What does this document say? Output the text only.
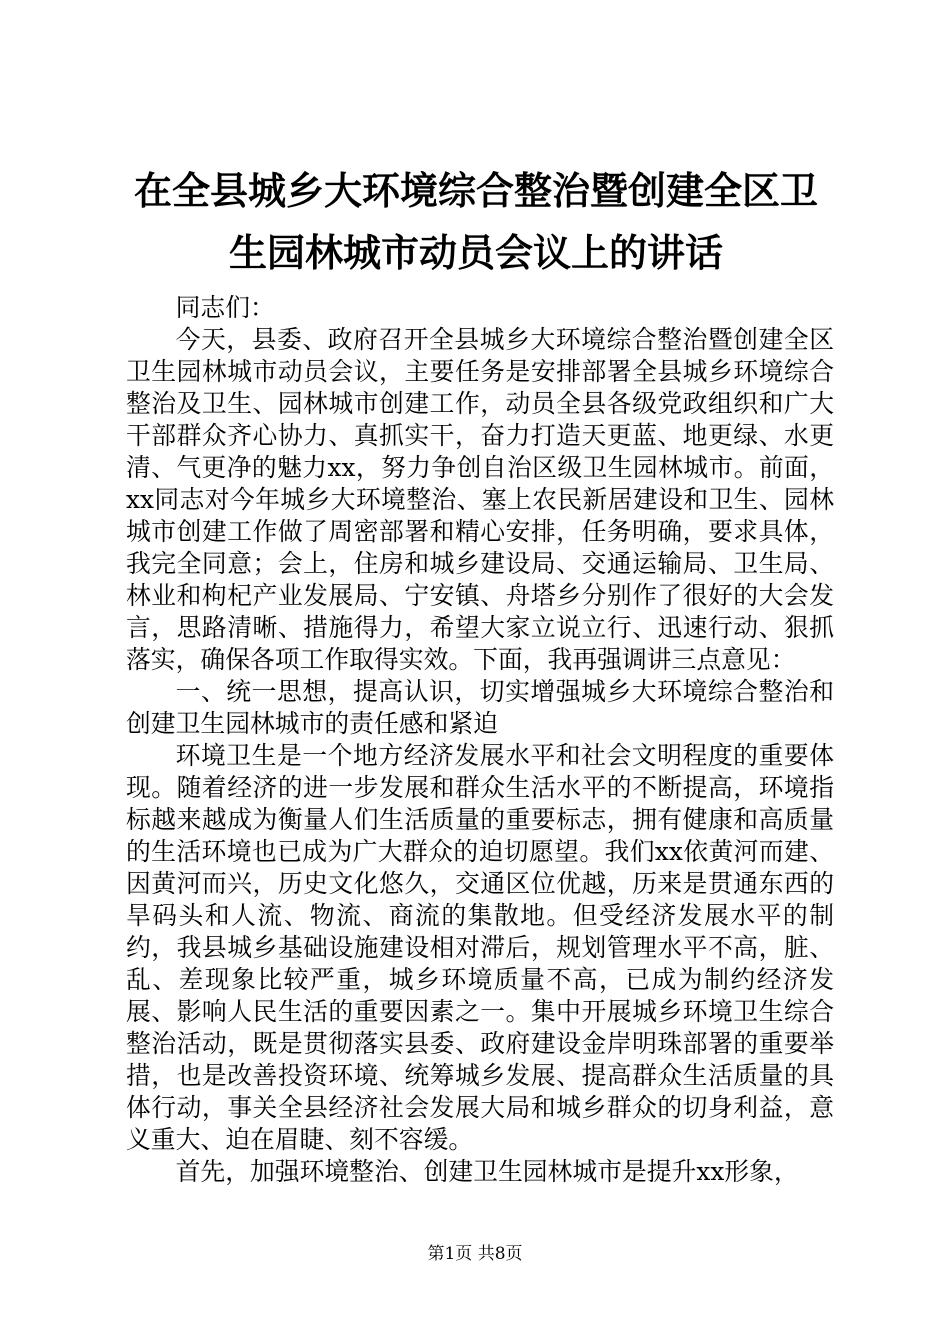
在全县城乡大环境综合整治暨创建全区卫生园林城市动员会议上的讲话

同志们：

今天，县委、政府召开全县城乡大环境综合整治暨创建全区卫生园林城市动员会议，主要任务是安排部署全县城乡环境综合整治及卫生、园林城市创建工作，动员全县各级党政组织和广大干部群众齐心协力、真抓实干，奋力打造天更蓝、地更绿、水更清、气更净的魅力xx，努力争创自治区级卫生园林城市。前面，xx同志对今年城乡大环境整治、塞上农民新居建设和卫生、园林城市创建工作做了周密部署和精心安排，任务明确，要求具体，我完全同意；会上，住房和城乡建设局、交通运输局、卫生局、林业和枸杞产业发展局、宁安镇、舟塔乡分别作了很好的大会发言，思路清晰、措施得力，希望大家立说立行、迅速行动、狠抓落实，确保各项工作取得实效。下面，我再强调讲三点意见：

一、统一思想，提高认识，切实增强城乡大环境综合整治和创建卫生园林城市的责任感和紧迫

环境卫生是一个地方经济发展水平和社会文明程度的重要体现。随着经济的进一步发展和群众生活水平的不断提高，环境指标越来越成为衡量人们生活质量的重要标志，拥有健康和高质量的生活环境也已成为广大群众的迫切愿望。我们xx依黄河而建、因黄河而兴，历史文化悠久，交通区位优越，历来是贯通东西的旱码头和人流、物流、商流的集散地。但受经济发展水平的制约，我县城乡基础设施建设相对滞后，规划管理水平不高，脏、乱、差现象比较严重，城乡环境质量不高，已成为制约经济发展、影响人民生活的重要因素之一。集中开展城乡环境卫生综合整治活动，既是贯彻落实县委、政府建设金岸明珠部署的重要举措，也是改善投资环境、统筹城乡发展、提高群众生活质量的具体行动，事关全县经济社会发展大局和城乡群众的切身利益，意义重大、迫在眉睫、刻不容缓。

首先，加强环境整治、创建卫生园林城市是提升xx形象，

第1页 共8页
